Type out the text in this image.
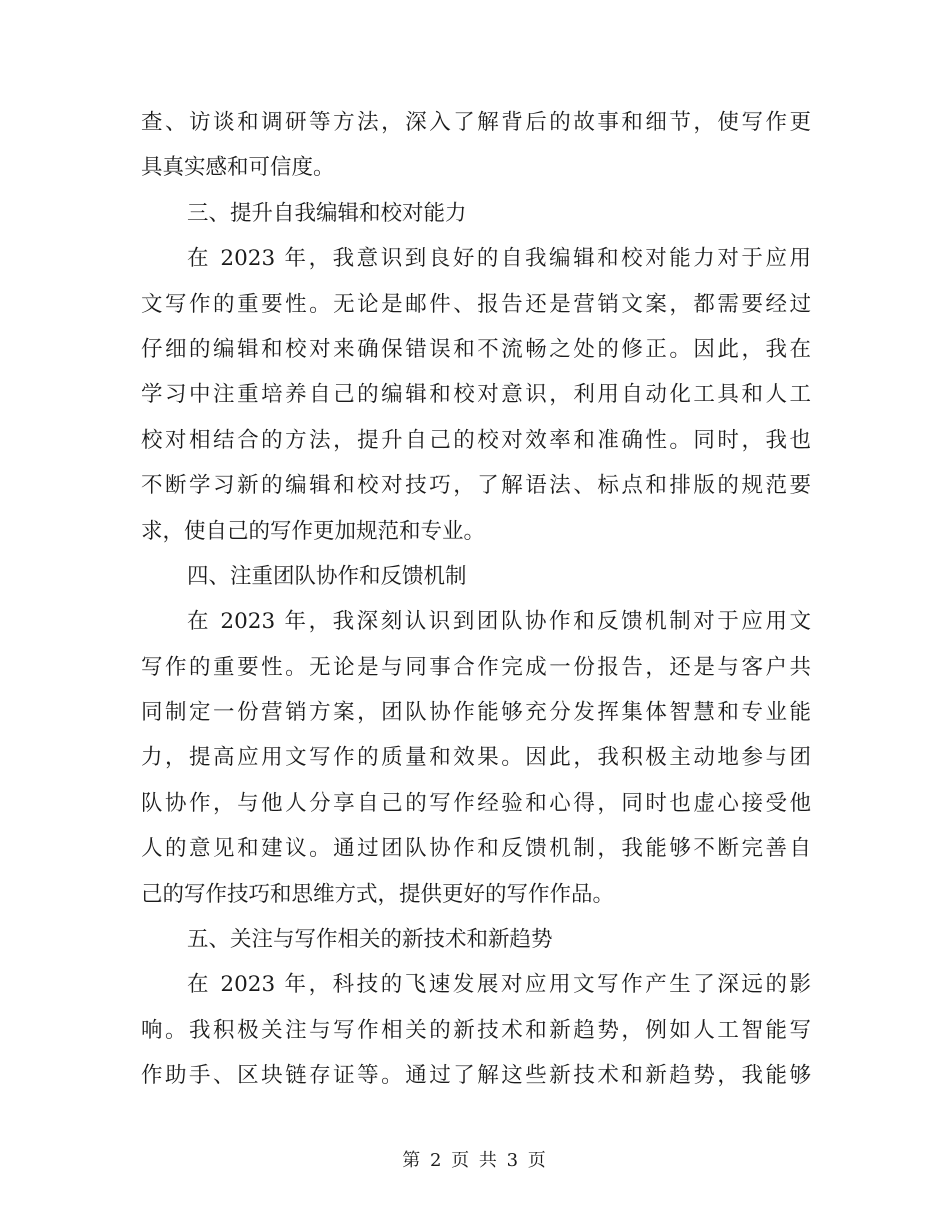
查、访谈和调研等方法，深入了解背后的故事和细节，使写作更
具真实感和可信度。
三、提升自我编辑和校对能力
在 2023 年，我意识到良好的自我编辑和校对能力对于应用
文写作的重要性。无论是邮件、报告还是营销文案，都需要经过
仔细的编辑和校对来确保错误和不流畅之处的修正。因此，我在
学习中注重培养自己的编辑和校对意识，利用自动化工具和人工
校对相结合的方法，提升自己的校对效率和准确性。同时，我也
不断学习新的编辑和校对技巧，了解语法、标点和排版的规范要
求，使自己的写作更加规范和专业。
四、注重团队协作和反馈机制
在 2023 年，我深刻认识到团队协作和反馈机制对于应用文
写作的重要性。无论是与同事合作完成一份报告，还是与客户共
同制定一份营销方案，团队协作能够充分发挥集体智慧和专业能
力，提高应用文写作的质量和效果。因此，我积极主动地参与团
队协作，与他人分享自己的写作经验和心得，同时也虚心接受他
人的意见和建议。通过团队协作和反馈机制，我能够不断完善自
己的写作技巧和思维方式，提供更好的写作作品。
五、关注与写作相关的新技术和新趋势
在 2023 年，科技的飞速发展对应用文写作产生了深远的影
响。我积极关注与写作相关的新技术和新趋势，例如人工智能写
作助手、区块链存证等。通过了解这些新技术和新趋势，我能够
第 2 页 共 3 页
